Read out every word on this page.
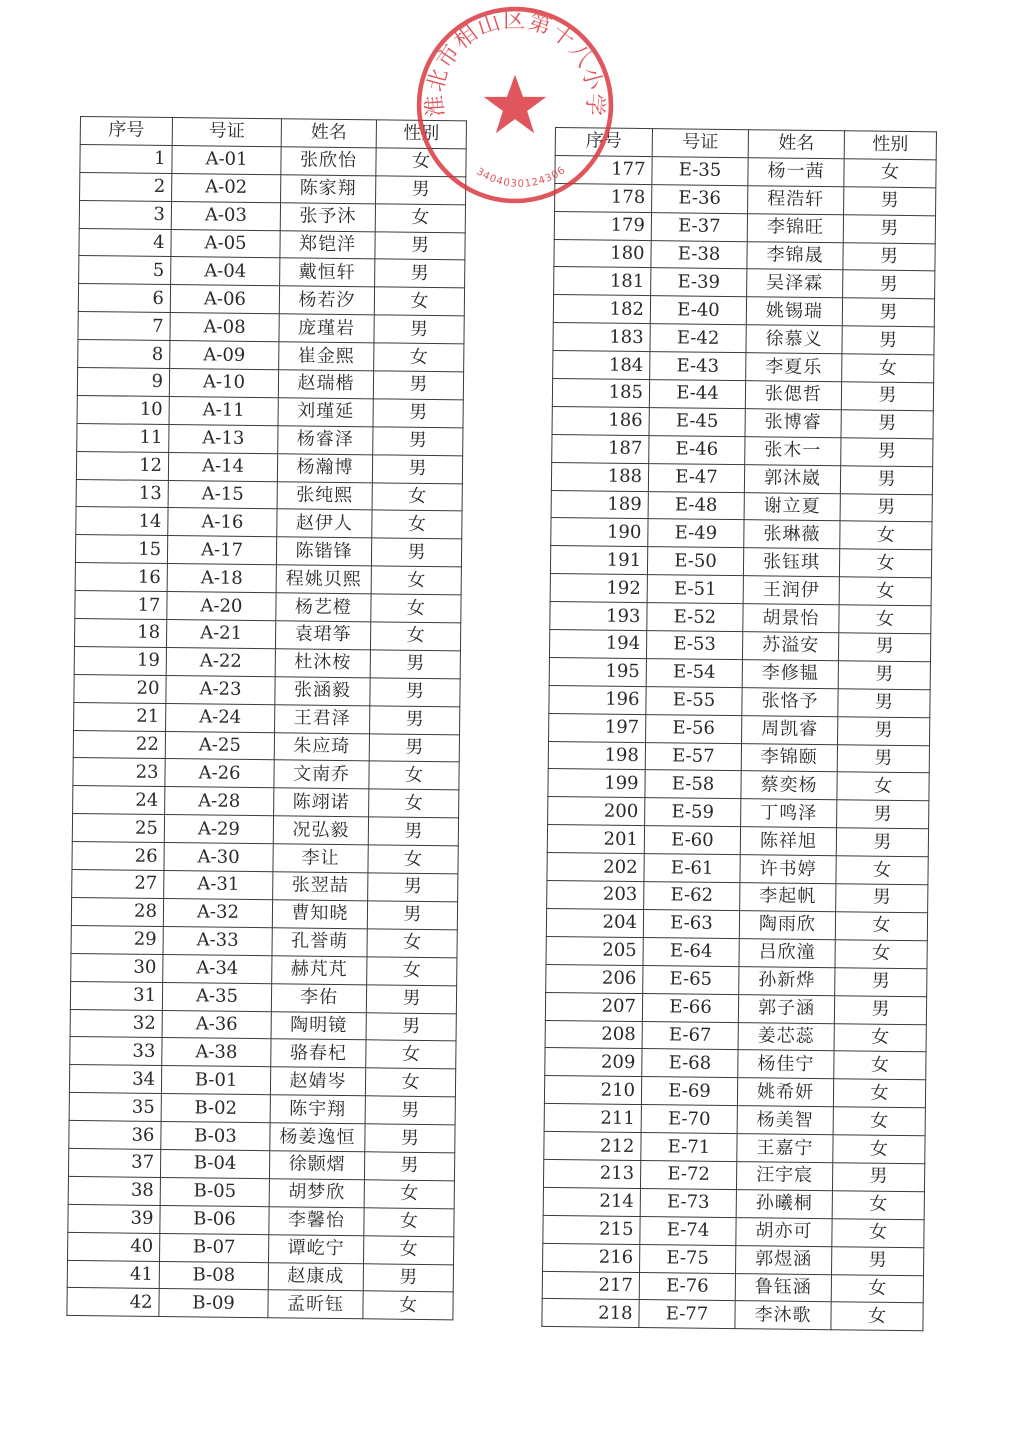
序号	号证	姓名	性别
1	A-01	张欣怡	女
2	A-02	陈家翔	男
3	A-03	张予沐	女
4	A-05	郑铠洋	男
5	A-04	戴恒轩	男
6	A-06	杨若汐	女
7	A-08	庞瑾岩	男
8	A-09	崔金熙	女
9	A-10	赵瑞楷	男
10	A-11	刘瑾延	男
11	A-13	杨睿泽	男
12	A-14	杨瀚博	男
13	A-15	张纯熙	女
14	A-16	赵伊人	女
15	A-17	陈锴锋	男
16	A-18	程姚贝熙	女
17	A-20	杨艺橙	女
18	A-21	袁珺筝	女
19	A-22	杜沐桉	男
20	A-23	张涵毅	男
21	A-24	王君泽	男
22	A-25	朱应琦	男
23	A-26	文南乔	女
24	A-28	陈翊诺	女
25	A-29	况弘毅	男
26	A-30	李让	女
27	A-31	张翌喆	男
28	A-32	曹知晓	男
29	A-33	孔誉萌	女
30	A-34	赫芃芃	女
31	A-35	李佑	男
32	A-36	陶明镜	男
33	A-38	骆春杞	女
34	B-01	赵婧岑	女
35	B-02	陈宇翔	男
36	B-03	杨姜逸恒	男
37	B-04	徐颢熠	男
38	B-05	胡梦欣	女
39	B-06	李馨怡	女
40	B-07	谭屹宁	女
41	B-08	赵康成	男
42	B-09	孟昕钰	女
序号	号证	姓名	性别
177	E-35	杨一茜	女
178	E-36	程浩轩	男
179	E-37	李锦旺	男
180	E-38	李锦晟	男
181	E-39	吴泽霖	男
182	E-40	姚锡瑞	男
183	E-42	徐慕义	男
184	E-43	李夏乐	女
185	E-44	张偲哲	男
186	E-45	张博睿	男
187	E-46	张木一	男
188	E-47	郭沐崴	男
189	E-48	谢立夏	男
190	E-49	张琳薇	女
191	E-50	张钰琪	女
192	E-51	王润伊	女
193	E-52	胡景怡	女
194	E-53	苏溢安	男
195	E-54	李修韫	男
196	E-55	张恪予	男
197	E-56	周凯睿	男
198	E-57	李锦颐	男
199	E-58	蔡奕杨	女
200	E-59	丁鸣泽	男
201	E-60	陈祥旭	男
202	E-61	许书婷	女
203	E-62	李起帆	男
204	E-63	陶雨欣	女
205	E-64	吕欣潼	女
206	E-65	孙新烨	男
207	E-66	郭子涵	男
208	E-67	姜芯蕊	女
209	E-68	杨佳宁	女
210	E-69	姚希妍	女
211	E-70	杨美智	女
212	E-71	王嘉宁	女
213	E-72	汪宇宸	男
214	E-73	孙曦桐	女
215	E-74	胡亦可	女
216	E-75	郭煜涵	男
217	E-76	鲁钰涵	女
218	E-77	李沐歌	女
淮北市相山区第十八小学
3404030124306
